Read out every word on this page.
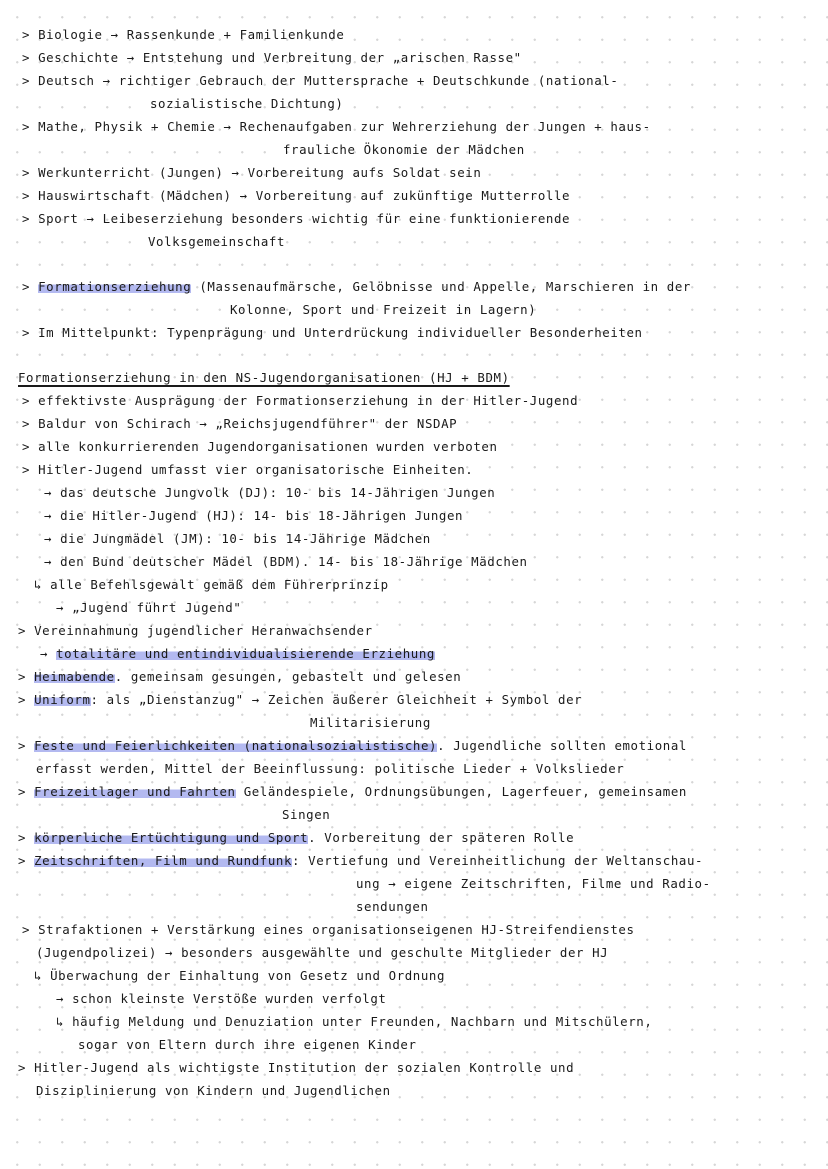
> Biologie → Rassenkunde + Familienkunde
> Geschichte → Entstehung und Verbreitung der „arischen Rasse"
> Deutsch → richtiger Gebrauch der Muttersprache + Deutschkunde (national-
sozialistische Dichtung)
> Mathe, Physik + Chemie → Rechenaufgaben zur Wehrerziehung der Jungen + haus-
frauliche Ökonomie der Mädchen
> Werkunterricht (Jungen) → Vorbereitung aufs Soldat sein
> Hauswirtschaft (Mädchen) → Vorbereitung auf zukünftige Mutterrolle
> Sport → Leibeserziehung besonders wichtig für eine funktionierende
Volksgemeinschaft
> Formationserziehung (Massenaufmärsche, Gelöbnisse und Appelle, Marschieren in der
Kolonne, Sport und Freizeit in Lagern)
> Im Mittelpunkt: Typenprägung und Unterdrückung individueller Besonderheiten
Formationserziehung in den NS-Jugendorganisationen (HJ + BDM)
> effektivste Ausprägung der Formationserziehung in der Hitler-Jugend
> Baldur von Schirach → „Reichsjugendführer" der NSDAP
> alle konkurrierenden Jugendorganisationen wurden verboten
> Hitler-Jugend umfasst vier organisatorische Einheiten.
→ das deutsche Jungvolk (DJ): 10- bis 14-Jährigen Jungen
→ die Hitler-Jugend (HJ): 14- bis 18-Jährigen Jungen
→ die Jungmädel (JM): 10- bis 14-Jährige Mädchen
→ den Bund deutscher Mädel (BDM). 14- bis 18-Jährige Mädchen
↳ alle Befehlsgewalt gemäß dem Führerprinzip
→ „Jugend führt Jugend"
> Vereinnahmung jugendlicher Heranwachsender
→ totalitäre und entindividualisierende Erziehung
> Heimabende. gemeinsam gesungen, gebastelt und gelesen
> Uniform: als „Dienstanzug" → Zeichen äußerer Gleichheit + Symbol der
Militarisierung
> Feste und Feierlichkeiten (nationalsozialistische). Jugendliche sollten emotional
erfasst werden, Mittel der Beeinflussung: politische Lieder + Volkslieder
> Freizeitlager und Fahrten Geländespiele, Ordnungsübungen, Lagerfeuer, gemeinsamen
Singen
> körperliche Ertüchtigung und Sport. Vorbereitung der späteren Rolle
> Zeitschriften, Film und Rundfunk: Vertiefung und Vereinheitlichung der Weltanschau-
ung → eigene Zeitschriften, Filme und Radio-
sendungen
> Strafaktionen + Verstärkung eines organisationseigenen HJ-Streifendienstes
(Jugendpolizei) → besonders ausgewählte und geschulte Mitglieder der HJ
↳ Überwachung der Einhaltung von Gesetz und Ordnung
→ schon kleinste Verstöße wurden verfolgt
↳ häufig Meldung und Denuziation unter Freunden, Nachbarn und Mitschülern,
sogar von Eltern durch ihre eigenen Kinder
> Hitler-Jugend als wichtigste Institution der sozialen Kontrolle und
Disziplinierung von Kindern und Jugendlichen
